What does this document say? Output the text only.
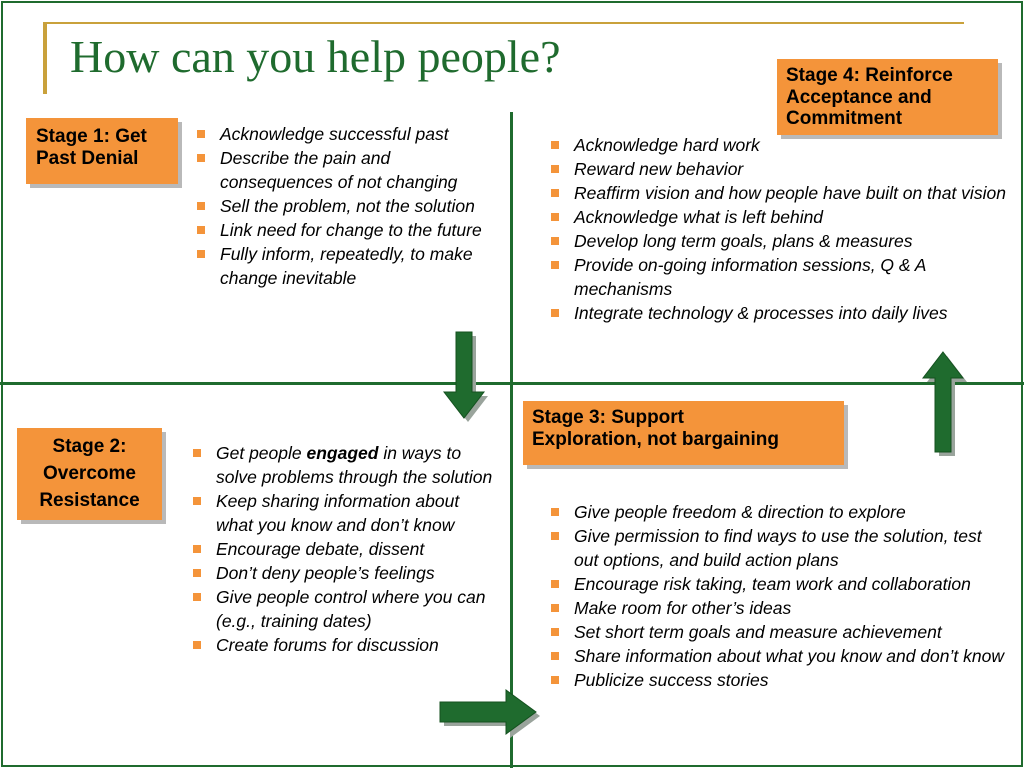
How can you help people?
Stage 1: Get
Past Denial
Stage 2:
Overcome
Resistance
Stage 3: Support
Exploration, not bargaining
Stage 4: Reinforce
Acceptance and
Commitment
Acknowledge successful past
Describe the pain and consequences of not changing
Sell the problem, not the solution
Link need for change to the future
Fully inform, repeatedly, to make change inevitable
Get people engaged in ways to solve problems through the solution
Keep sharing information about what you know and don’t know
Encourage debate, dissent
Don’t deny people’s feelings
Give people control where you can (e.g., training dates)
Create forums for discussion
Give people freedom & direction to explore
Give permission to find ways to use the solution, test out options, and build action plans
Encourage risk taking, team work and collaboration
Make room for other’s ideas
Set short term goals and measure achievement
Share information about what you know and don’t know
Publicize success stories
Acknowledge hard work
Reward new behavior
Reaffirm vision and how people have built on that vision
Acknowledge what is left behind
Develop long term goals, plans & measures
Provide on-going information sessions, Q & A mechanisms
Integrate technology & processes into daily lives
